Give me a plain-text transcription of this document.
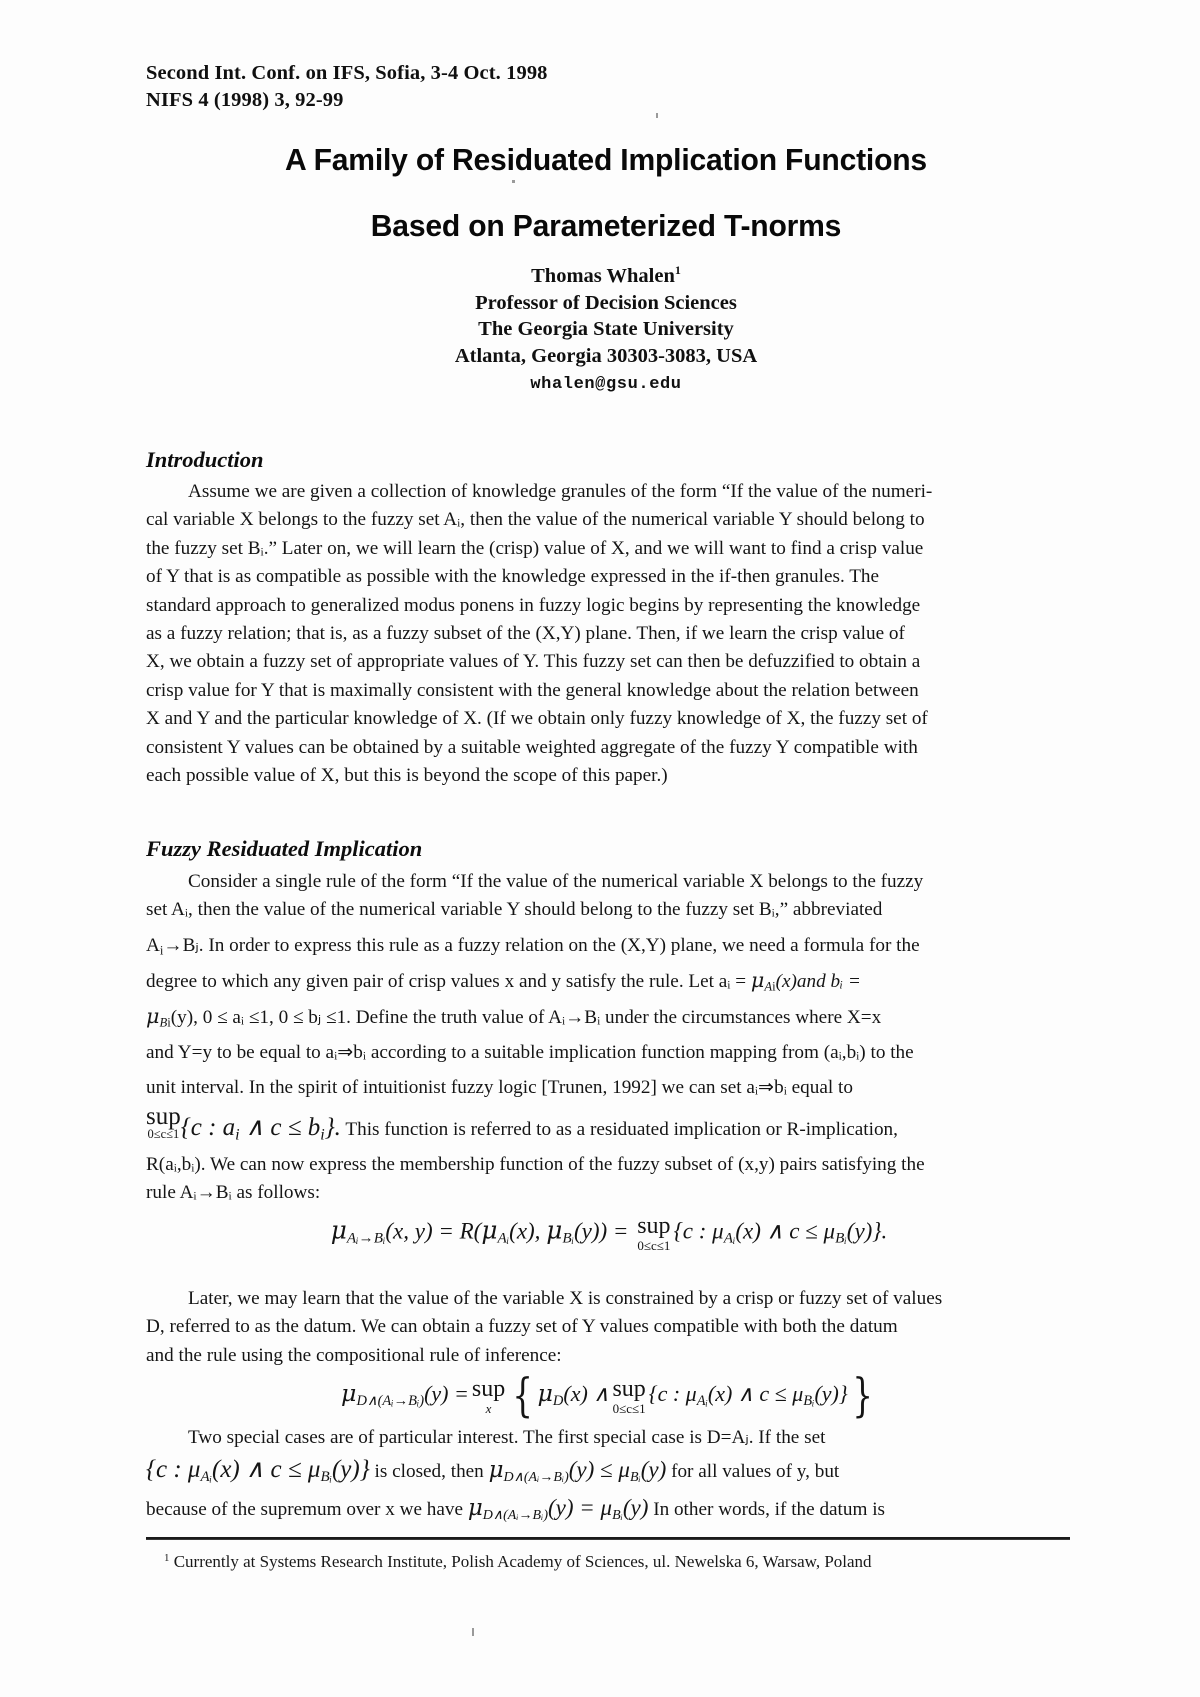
Second Int. Conf. on IFS, Sofia, 3-4 Oct. 1998
NIFS 4 (1998) 3, 92-99
A Family of Residuated Implication Functions
Based on Parameterized T-norms
Thomas Whalen$^1$
Professor of Decision Sciences
The Georgia State University
Atlanta, Georgia 30303-3083, USA
whalen@gsu.edu
Introduction
Assume we are given a collection of knowledge granules of the form “If the value of the numeri-
cal variable X belongs to the fuzzy set Aᵢ, then the value of the numerical variable Y should belong to
the fuzzy set Bᵢ.” Later on, we will learn the (crisp) value of X, and we will want to find a crisp value
of Y that is as compatible as possible with the knowledge expressed in the if-then granules. The
standard approach to generalized modus ponens in fuzzy logic begins by representing the knowledge
as a fuzzy relation; that is, as a fuzzy subset of the (X,Y) plane. Then, if we learn the crisp value of
X, we obtain a fuzzy set of appropriate values of Y. This fuzzy set can then be defuzzified to obtain a
crisp value for Y that is maximally consistent with the general knowledge about the relation between
X and Y and the particular knowledge of X. (If we obtain only fuzzy knowledge of X, the fuzzy set of
consistent Y values can be obtained by a suitable weighted aggregate of the fuzzy Y compatible with
each possible value of X, but this is beyond the scope of this paper.)
Fuzzy Residuated Implication
Consider a single rule of the form “If the value of the numerical variable X belongs to the fuzzy
set Aᵢ, then the value of the numerical variable Y should belong to the fuzzy set Bᵢ,” abbreviated
$A_i\to Bⱼ$. In order to express this rule as a fuzzy relation on the (X,Y) plane, we need a formula for the
degree to which any given pair of crisp values x and y satisfy the rule. Let aᵢ = $\mu_{Ai}(x)and$ bᵢ =
$\mu_{Bi}(y)$, 0 ≤ aᵢ ≤1, 0 ≤ bⱼ ≤1. Define the truth value of Aᵢ→Bᵢ under the circumstances where X=x
and Y=y to be equal to aᵢ⇒bᵢ according to a suitable implication function mapping from (aᵢ,bᵢ) to the
unit interval. In the spirit of intuitionist fuzzy logic [Trunen, 1992] we can set aᵢ⇒bᵢ equal to
sup
0≤c≤1 {c : $a_i$ ∧ $c \le b_i$}. This function is referred to as a residuated implication or R-implication,
R(aᵢ,bᵢ). We can now express the membership function of the fuzzy subset of (x,y) pairs satisfying the
rule Aᵢ→Bᵢ as follows:
$\mu_{Aᵢ\to Bᵢ}(x$, $y) = R(\mu_{Aᵢ}(x)$, $\mu_{Bᵢ}(y)$) = sup
0≤c≤1
{c : $\mu_{Aᵢ}(x)$ ∧ $c \le \mu_{Bᵢ}(y)$}.
Later, we may learn that the value of the variable X is constrained by a crisp or fuzzy set of values
D, referred to as the datum. We can obtain a fuzzy set of Y values compatible with both the datum
and the rule using the compositional rule of inference:
$\mu_{D\wedge(Aᵢ\to Bᵢ)}(y)$ = sup
x { $\mu_D(x)$ ∧ sup
0≤c≤1
{c : $\mu_{Aᵢ}(x)$ ∧ $c \le \mu_{Bᵢ}(y)$}}
Two special cases are of particular interest. The first special case is D=Aⱼ. If the set
{c : $\mu_{Aᵢ}(x)$ ∧ $c \le \mu_{Bᵢ}(y)$} is closed, then $\mu_{D\wedge(Aᵢ\to Bᵢ)}(y) \le \mu_{Bᵢ}(y)$ for all values of y, but
because of the supremum over x we have $\mu_{D\wedge(Aᵢ\to Bᵢ)}(y) = \mu_{Bᵢ}(y)$ In other words, if the datum is
$^1$ Currently at Systems Research Institute, Polish Academy of Sciences, ul. Newelska 6, Warsaw, Poland
